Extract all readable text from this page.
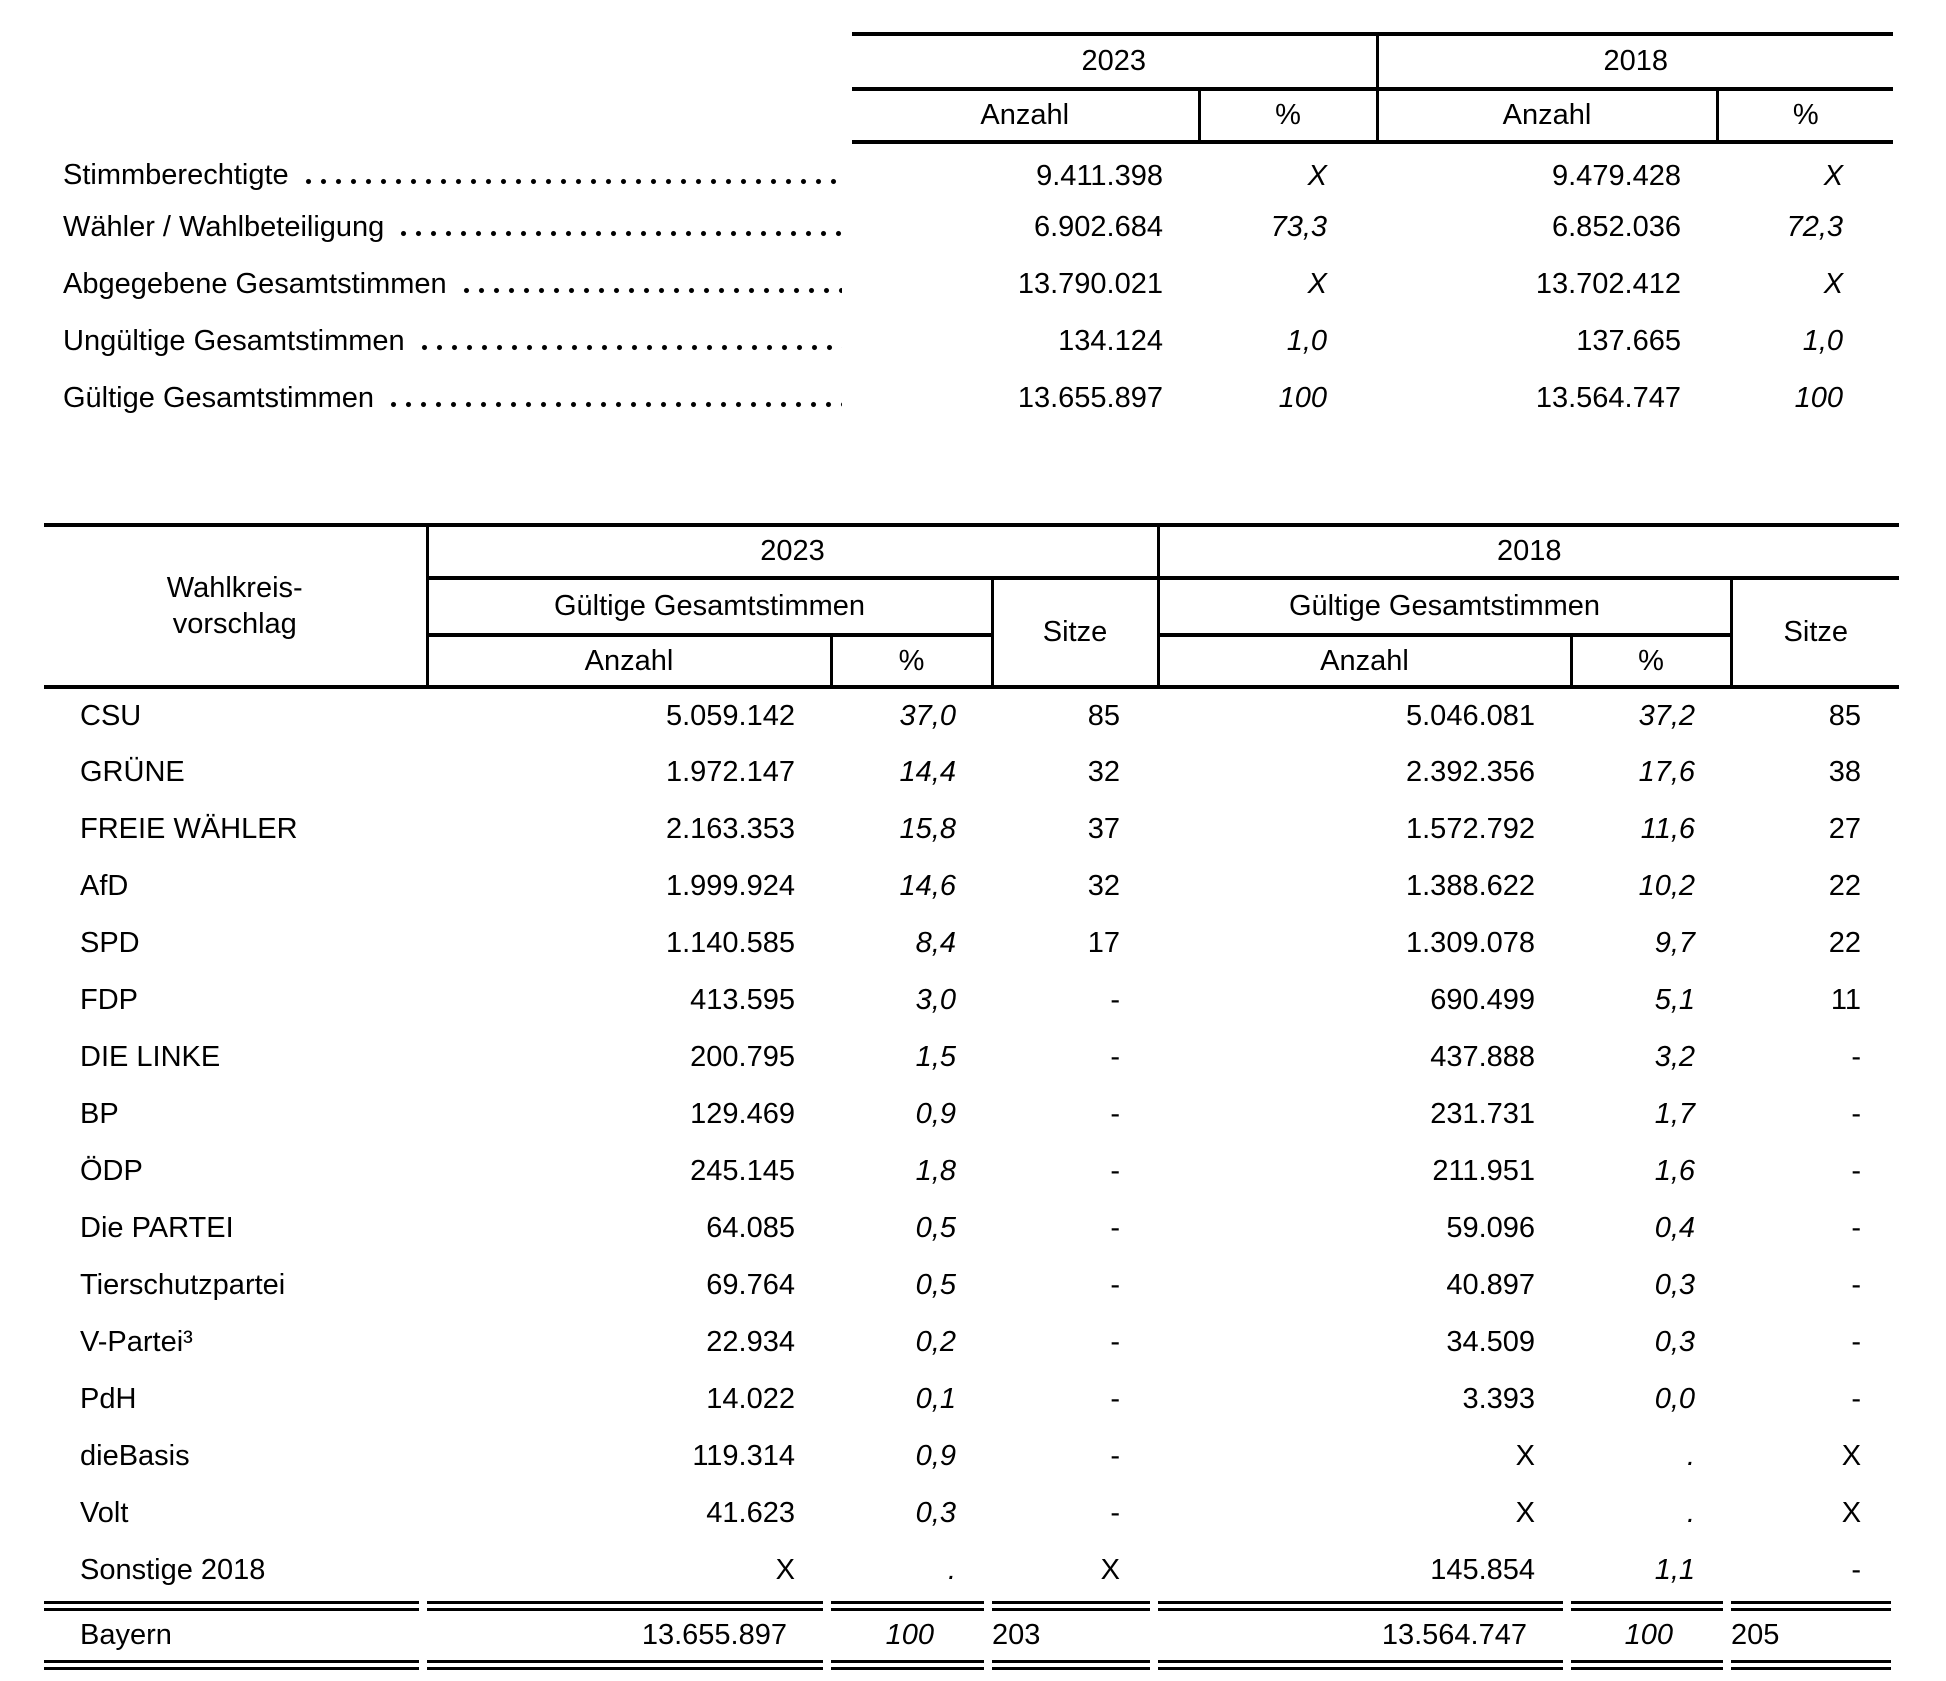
	2023		2018	
	Anzahl	%	Anzahl	%

Stimmberechtigte	9.411.398	X	9.479.428	X

Wähler / Wahlbeteiligung	6.902.684	73,3	6.852.036	72,3

Abgegebene Gesamtstimmen	13.790.021	X	13.702.412	X

Ungültige Gesamtstimmen	134.124	1,0	137.665	1,0

Gültige Gesamtstimmen	13.655.897	100	13.564.747	100
Wahlkreis-
vorschlag	2023			2018		
	Gültige Gesamtstimmen		Sitze	Gültige Gesamtstimmen		Sitze
	Anzahl	%		Anzahl	%	
CSU	5.059.142	37,0	85	5.046.081	37,2	85
GRÜNE	1.972.147	14,4	32	2.392.356	17,6	38
FREIE WÄHLER	2.163.353	15,8	37	1.572.792	11,6	27
AfD	1.999.924	14,6	32	1.388.622	10,2	22
SPD	1.140.585	8,4	17	1.309.078	9,7	22
FDP	413.595	3,0	-	690.499	5,1	11
DIE LINKE	200.795	1,5	-	437.888	3,2	-
BP	129.469	0,9	-	231.731	1,7	-
ÖDP	245.145	1,8	-	211.951	1,6	-
Die PARTEI	64.085	0,5	-	59.096	0,4	-
Tierschutzpartei	69.764	0,5	-	40.897	0,3	-
V-Partei³	22.934	0,2	-	34.509	0,3	-
PdH	14.022	0,1	-	3.393	0,0	-
dieBasis	119.314	0,9	-	X	.	X
Volt	41.623	0,3	-	X	.	X
Sonstige 2018	X	.	X	145.854	1,1	-
Bayern	13.655.897	100	203	13.564.747	100	205
